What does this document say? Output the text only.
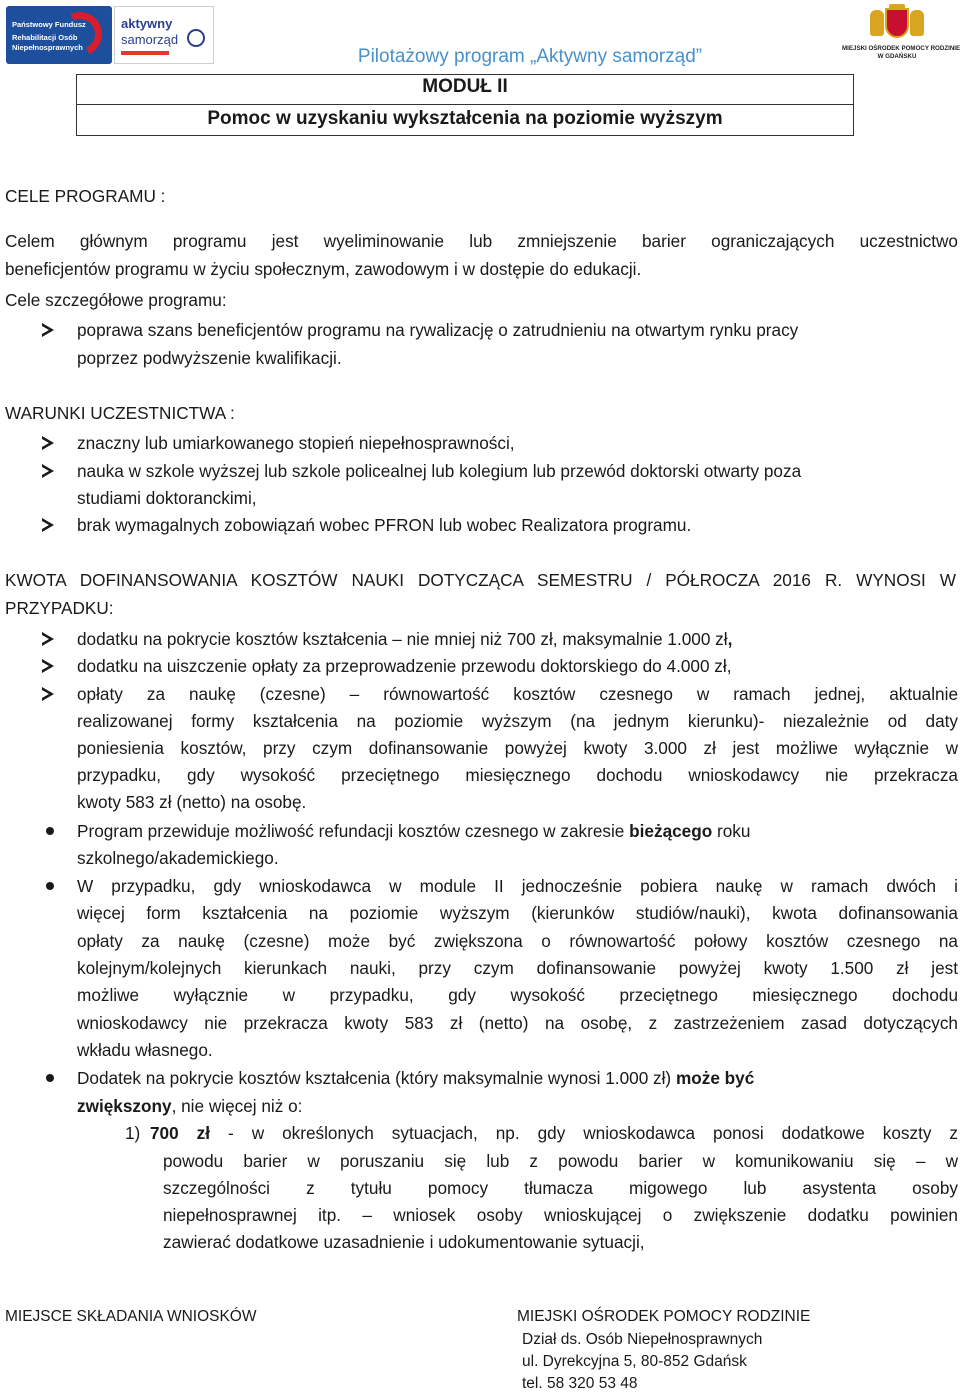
Państwowy Fundusz
Rehabilitacji Osób
Niepełnosprawnych
aktywny
samorząd
MIEJSKI OŚRODEK POMOCY RODZINIE
W GDAŃSKU
Pilotażowy program „Aktywny samorząd”
MODUŁ II
Pomoc w uzyskaniu wykształcenia na poziomie wyższym
CELE PROGRAMU :
Celem głównym programu jest wyeliminowanie lub zmniejszenie barier ograniczających uczestnictwo
beneficjentów programu w życiu społecznym, zawodowym i w dostępie do edukacji.
Cele szczegółowe programu:
poprawa szans beneficjentów programu na rywalizację o zatrudnieniu na otwartym rynku pracy
poprzez podwyższenie kwalifikacji.
WARUNKI UCZESTNICTWA :
znaczny lub umiarkowanego stopień niepełnosprawności,
nauka w szkole wyższej lub szkole policealnej lub kolegium lub przewód doktorski otwarty poza
studiami doktoranckimi,
brak wymagalnych zobowiązań wobec PFRON lub wobec Realizatora programu.
KWOTA DOFINANSOWANIA KOSZTÓW NAUKI DOTYCZĄCA SEMESTRU / PÓŁROCZA 2016 R. WYNOSI W
PRZYPADKU:
dodatku na pokrycie kosztów kształcenia – nie mniej niż 700 zł, maksymalnie 1.000 zł,
dodatku na uiszczenie opłaty za przeprowadzenie przewodu doktorskiego do 4.000 zł,
opłaty za naukę (czesne) – równowartość kosztów czesnego w ramach jednej, aktualnie
realizowanej formy kształcenia na poziomie wyższym (na jednym kierunku)- niezależnie od daty
poniesienia kosztów, przy czym dofinansowanie powyżej kwoty 3.000 zł jest możliwe wyłącznie w
przypadku, gdy wysokość przeciętnego miesięcznego dochodu wnioskodawcy nie przekracza
kwoty 583 zł (netto) na osobę.
Program przewiduje możliwość refundacji kosztów czesnego w zakresie bieżącego roku
szkolnego/akademickiego.
W przypadku, gdy wnioskodawca w module II jednocześnie pobiera naukę w ramach dwóch i
więcej form kształcenia na poziomie wyższym (kierunków studiów/nauki), kwota dofinansowania
opłaty za naukę (czesne) może być zwiększona o równowartość połowy kosztów czesnego na
kolejnym/kolejnych kierunkach nauki, przy czym dofinansowanie powyżej kwoty 1.500 zł jest
możliwe wyłącznie w przypadku, gdy wysokość przeciętnego miesięcznego dochodu
wnioskodawcy nie przekracza kwoty 583 zł (netto) na osobę, z zastrzeżeniem zasad dotyczących
wkładu własnego.
Dodatek na pokrycie kosztów kształcenia (który maksymalnie wynosi 1.000 zł) może być
zwiększony, nie więcej niż o:
1) 700 zł - w określonych sytuacjach, np. gdy wnioskodawca ponosi dodatkowe koszty z
powodu barier w poruszaniu się lub z powodu barier w komunikowaniu się – w
szczególności z tytułu pomocy tłumacza migowego lub asystenta osoby
niepełnosprawnej itp. – wniosek osoby wnioskującej o zwiększenie dodatku powinien
zawierać dodatkowe uzasadnienie i udokumentowanie sytuacji,
MIEJSCE SKŁADANIA WNIOSKÓW	MIEJSKI OŚRODEK POMOCY RODZINIE
Dział ds. Osób Niepełnosprawnych
ul. Dyrekcyjna 5, 80-852 Gdańsk
tel. 58 320 53 48
